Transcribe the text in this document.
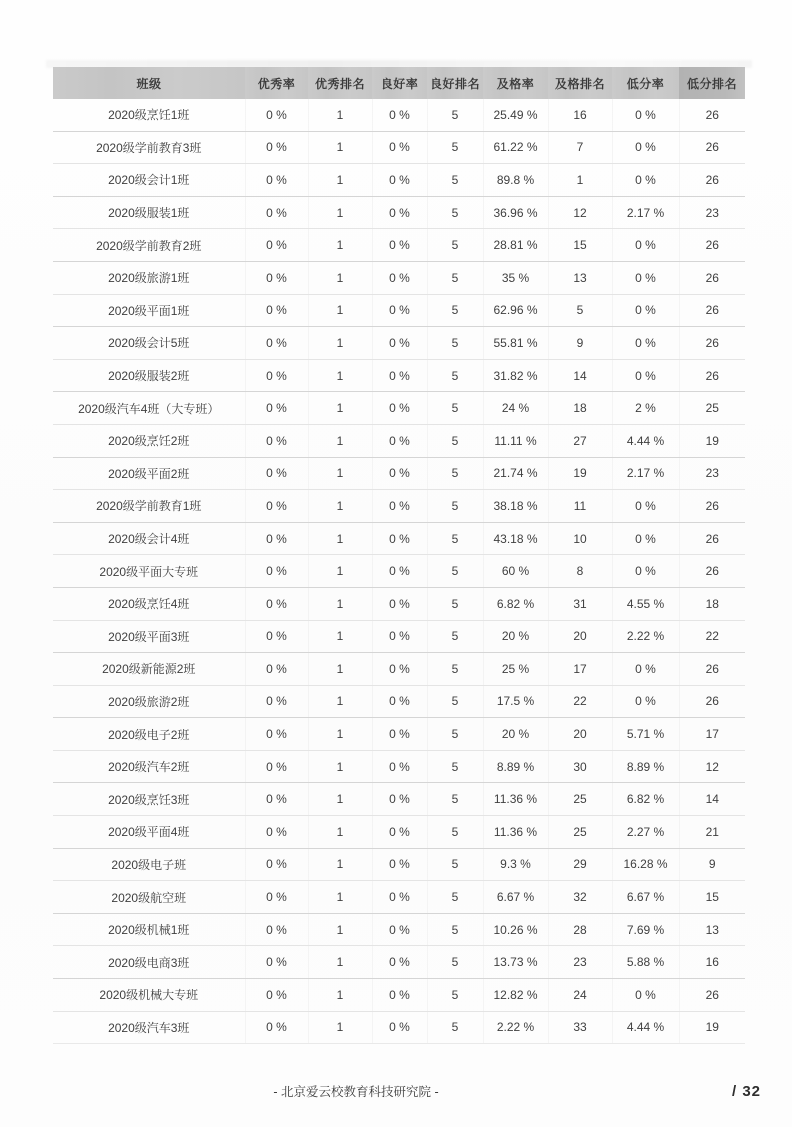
班级	优秀率	优秀排名	良好率	良好排名	及格率	及格排名	低分率	低分排名
2020级烹饪1班	0 %	1	0 %	5	25.49 %	16	0 %	26
2020级学前教育3班	0 %	1	0 %	5	61.22 %	7	0 %	26
2020级会计1班	0 %	1	0 %	5	89.8 %	1	0 %	26
2020级服装1班	0 %	1	0 %	5	36.96 %	12	2.17 %	23
2020级学前教育2班	0 %	1	0 %	5	28.81 %	15	0 %	26
2020级旅游1班	0 %	1	0 %	5	35 %	13	0 %	26
2020级平面1班	0 %	1	0 %	5	62.96 %	5	0 %	26
2020级会计5班	0 %	1	0 %	5	55.81 %	9	0 %	26
2020级服装2班	0 %	1	0 %	5	31.82 %	14	0 %	26
2020级汽车4班（大专班）	0 %	1	0 %	5	24 %	18	2 %	25
2020级烹饪2班	0 %	1	0 %	5	11.11 %	27	4.44 %	19
2020级平面2班	0 %	1	0 %	5	21.74 %	19	2.17 %	23
2020级学前教育1班	0 %	1	0 %	5	38.18 %	11	0 %	26
2020级会计4班	0 %	1	0 %	5	43.18 %	10	0 %	26
2020级平面大专班	0 %	1	0 %	5	60 %	8	0 %	26
2020级烹饪4班	0 %	1	0 %	5	6.82 %	31	4.55 %	18
2020级平面3班	0 %	1	0 %	5	20 %	20	2.22 %	22
2020级新能源2班	0 %	1	0 %	5	25 %	17	0 %	26
2020级旅游2班	0 %	1	0 %	5	17.5 %	22	0 %	26
2020级电子2班	0 %	1	0 %	5	20 %	20	5.71 %	17
2020级汽车2班	0 %	1	0 %	5	8.89 %	30	8.89 %	12
2020级烹饪3班	0 %	1	0 %	5	11.36 %	25	6.82 %	14
2020级平面4班	0 %	1	0 %	5	11.36 %	25	2.27 %	21
2020级电子班	0 %	1	0 %	5	9.3 %	29	16.28 %	9
2020级航空班	0 %	1	0 %	5	6.67 %	32	6.67 %	15
2020级机械1班	0 %	1	0 %	5	10.26 %	28	7.69 %	13
2020级电商3班	0 %	1	0 %	5	13.73 %	23	5.88 %	16
2020级机械大专班	0 %	1	0 %	5	12.82 %	24	0 %	26
2020级汽车3班	0 %	1	0 %	5	2.22 %	33	4.44 %	19
- 北京爱云校教育科技研究院 -	/ 32
